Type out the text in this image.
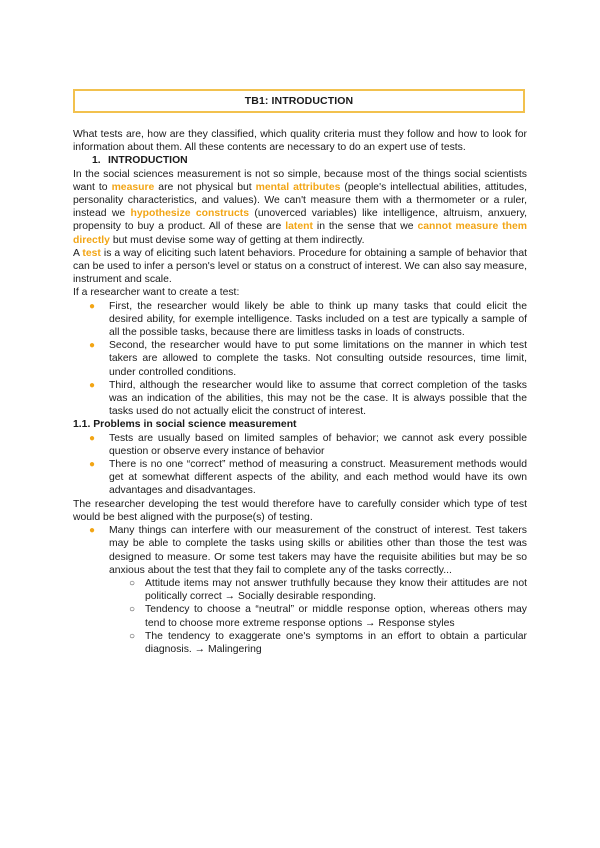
TB1: INTRODUCTION

What tests are, how are they classified, which quality criteria must they follow and how to look for information about them. All these contents are necessary to do an expert use of tests.

1. INTRODUCTION

In the social sciences measurement is not so simple, because most of the things social scientists want to measure are not physical but mental attributes (people's intellectual abilities, attitudes, personality characteristics, and values). We can't measure them with a thermometer or a ruler, instead we hypothesize constructs (unoverced variables) like intelligence, altruism, anxuery, propensity to buy a product. All of these are latent in the sense that we cannot measure them directly but must devise some way of getting at them indirectly.

A test is a way of eliciting such latent behaviors. Procedure for obtaining a sample of behavior that can be used to infer a person's level or status on a construct of interest. We can also say measure, instrument and scale.

If a researcher want to create a test:

● First, the researcher would likely be able to think up many tasks that could elicit the desired ability, for exemple intelligence. Tasks included on a test are typically a sample of all the possible tasks, because there are limitless tasks in loads of constructs.
● Second, the researcher would have to put some limitations on the manner in which test takers are allowed to complete the tasks. Not consulting outside resources, time limit, under controlled conditions.
● Third, although the researcher would like to assume that correct completion of the tasks was an indication of the abilities, this may not be the case. It is always possible that the tasks used do not actually elicit the construct of interest.
1.1. Problems in social science measurement
● Tests are usually based on limited samples of behavior; we cannot ask every possible question or observe every instance of behavior
● There is no one “correct” method of measuring a construct. Measurement methods would get at somewhat different aspects of the ability, and each method would have its own advantages and disadvantages.

The researcher developing the test would therefore have to carefully consider which type of test would be best aligned with the purpose(s) of testing.

● Many things can interfere with our measurement of the construct of interest. Test takers may be able to complete the tasks using skills or abilities other than those the test was designed to measure. Or some test takers may have the requisite abilities but may be so anxious about the test that they fail to complete any of the tasks correctly...
○ Attitude items may not answer truthfully because they know their attitudes are not politically correct → Socially desirable responding.
○ Tendency to choose a “neutral” or middle response option, whereas others may tend to choose more extreme response options → Response styles
○ The tendency to exaggerate one's symptoms in an effort to obtain a particular diagnosis. → Malingering
